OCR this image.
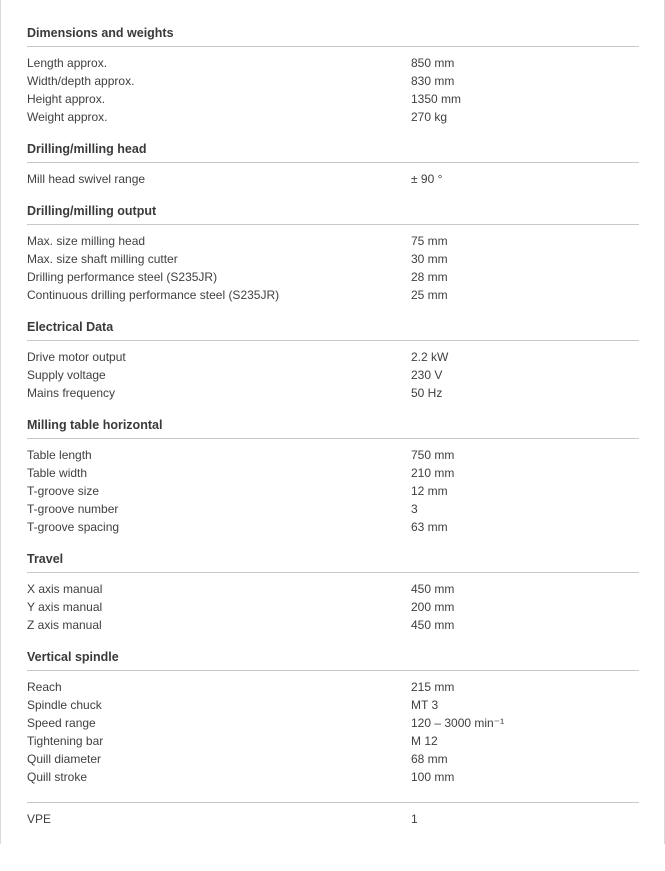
Dimensions and weights
Length approx.	850 mm
Width/depth approx.	830 mm
Height approx.	1350 mm
Weight approx.	270 kg
Drilling/milling head
Mill head swivel range	± 90 °
Drilling/milling output
Max. size milling head	75 mm
Max. size shaft milling cutter	30 mm
Drilling performance steel (S235JR)	28 mm
Continuous drilling performance steel (S235JR)	25 mm
Electrical Data
Drive motor output	2.2 kW
Supply voltage	230 V
Mains frequency	50 Hz
Milling table horizontal
Table length	750 mm
Table width	210 mm
T-groove size	12 mm
T-groove number	3
T-groove spacing	63 mm
Travel
X axis manual	450 mm
Y axis manual	200 mm
Z axis manual	450 mm
Vertical spindle
Reach	215 mm
Spindle chuck	MT 3
Speed range	120 – 3000 min⁻¹
Tightening bar	M 12
Quill diameter	68 mm
Quill stroke	100 mm
VPE	1
